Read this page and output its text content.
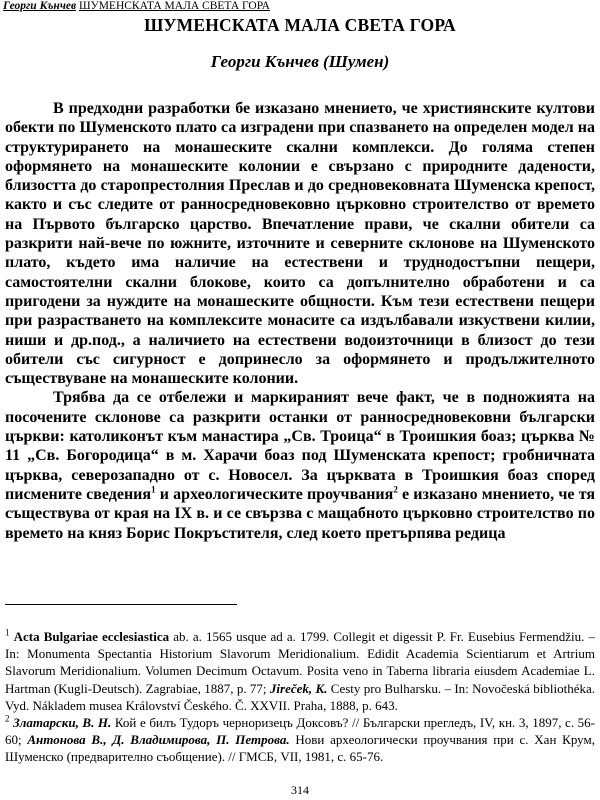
Георги Кънчев ШУМЕНСКАТА МАЛА СВЕТА ГОРА
ШУМЕНСКАТА МАЛА СВЕТА ГОРА
Георги Кънчев (Шумен)

В предходни разработки бе изказано мнението, че християнските култови обекти по Шуменското плато са изградени при спазването на определен модел на структурирането на монашеските скални комплекси. До голяма степен оформянето на монашеските колонии е свързано с природните дадености, близостта до старопрестолния Преслав и до средновековната Шуменска крепост, както и със следите от ранносредновековно църковно строителство от времето на Първото българско царство. Впечатление прави, че скални обители са разкрити най-вече по южните, източните и северните склонове на Шуменското плато, където има наличие на естествени и труднодостъпни пещери, самостоятелни скални блокове, които са допълнително обработени и са пригодени за нуждите на монашеските общности. Към тези естествени пещери при разрастването на комплексите монасите са издълбавали изкуствени килии, ниши и др.под., а наличието на естествени водоизточници в близост до тези обители със сигурност е допринесло за оформянето и продължителното съществуване на монашеските колонии.

Трябва да се отбележи и маркираният вече факт, че в подножията на посочените склонове са разкрити останки от ранносредновековни български църкви: католиконът към манастира „Св. Троица“ в Троишкия боаз; църква № 11 „Св. Богородица“ в м. Харачи боаз под Шуменската крепост; гробничната църква, северозападно от с. Новосел. За църквата в Троишкия боаз според писмените сведения$^1$ и археологическите проучвания$^2$ е изказано мнението, че тя съществува от края на IX в. и се свързва с мащабното църковно строителство по времето на княз Борис Покръстителя, след което претърпява редица

$^1$ Acta Bulgariae ecclesiastica ab. a. 1565 usque ad a. 1799. Collegit et digessit P. Fr. Eusebius Fermendžiu. – In: Monumenta Spectantia Historium Slavorum Meridionalium. Edidit Academia Scientiarum et Artrium Slavorum Meridionalium. Volumen Decimum Octavum. Posita veno in Taberna libraria eiusdem Academiae L. Hartman (Kugli-Deutsch). Zagrabiae, 1887, p. 77; Jireček, K. Cesty pro Bulharsku. – In: Novočeská bibliothéka. Vyd. Nákladem musea Království Českého. Č. XXVII. Praha, 1888, p. 643.

$^2$ Златарски, В. Н. Кой е билъ Тудоръ черноризецъ Доксовъ? // Български прегледъ, IV, кн. 3, 1897, с. 56-60; Антонова В., Д. Владимирова, П. Петрова. Нови археологически проучвания при с. Хан Крум, Шуменско (предварително съобщение). // ГМСБ, VII, 1981, с. 65-76.

314
